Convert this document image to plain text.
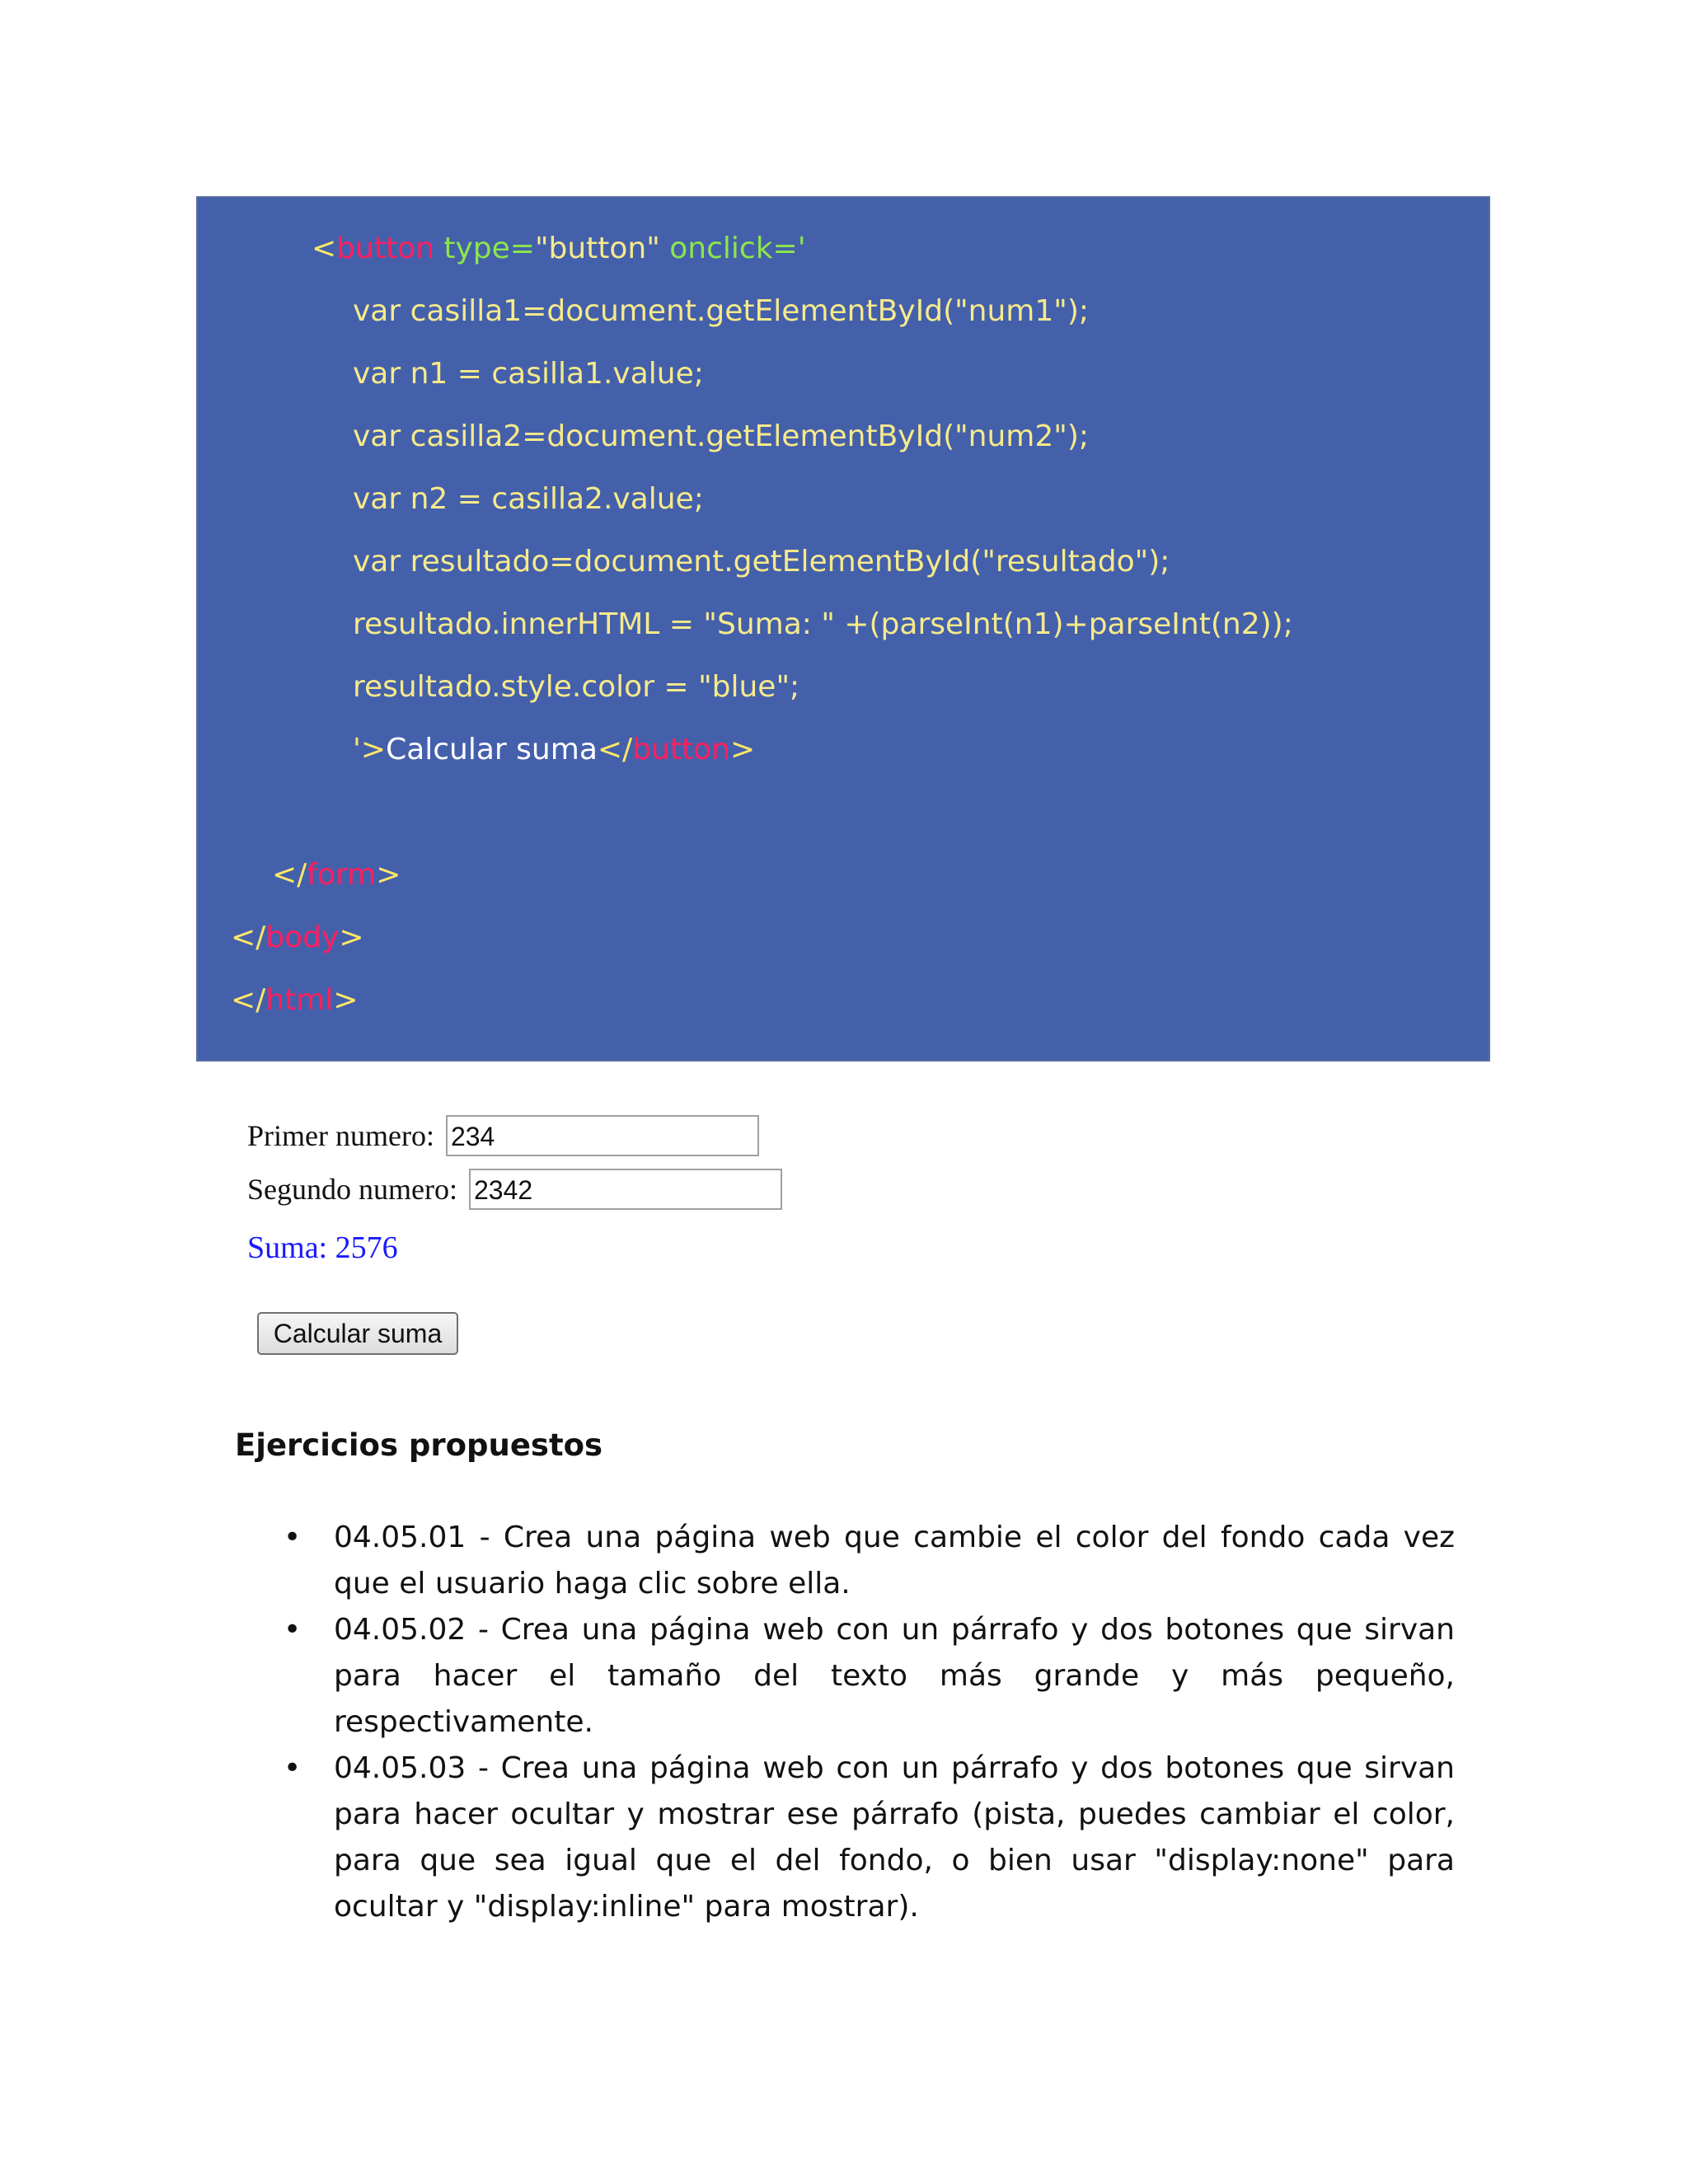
<button type="button" onclick='
var casilla1=document.getElementById("num1");
var n1 = casilla1.value;
var casilla2=document.getElementById("num2");
var n2 = casilla2.value;
var resultado=document.getElementById("resultado");
resultado.innerHTML = "Suma: " +(parseInt(n1)+parseInt(n2));
resultado.style.color = "blue";
'>Calcular suma</button>
</form>
</body>
</html>
Primer numero: 234
Segundo numero: 2342
Suma: 2576
Calcular suma
Ejercicios propuestos
• 04.05.01 - Crea una página web que cambie el color del fondo cada vez que el usuario haga clic sobre ella.
• 04.05.02 - Crea una página web con un párrafo y dos botones que sirvan para hacer el tamaño del texto más grande y más pequeño, respectivamente.
• 04.05.03 - Crea una página web con un párrafo y dos botones que sirvan para hacer ocultar y mostrar ese párrafo (pista, puedes cambiar el color, para que sea igual que el del fondo, o bien usar "display:none" para ocultar y "display:inline" para mostrar).
